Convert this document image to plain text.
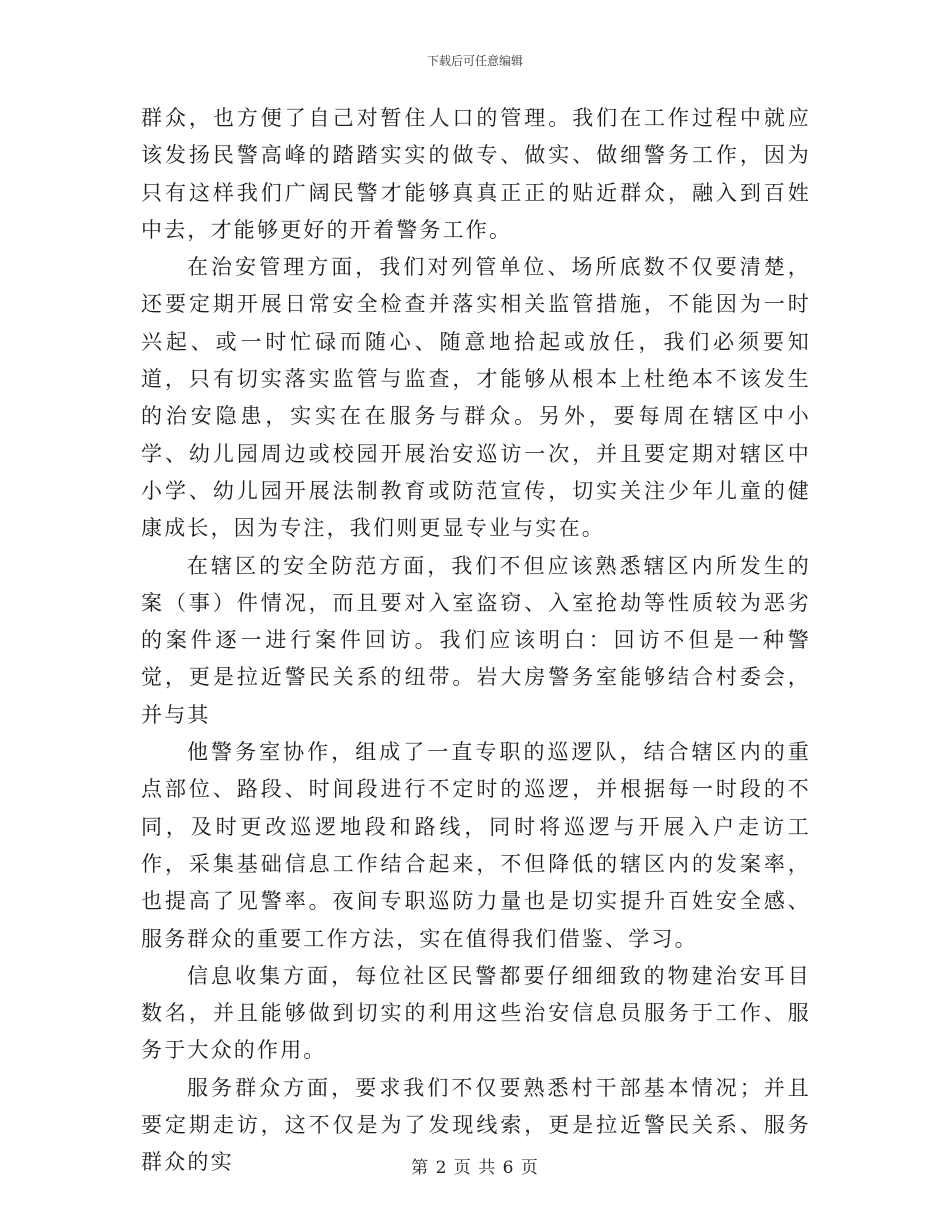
下载后可任意编辑

群众，也方便了自己对暂住人口的管理。我们在工作过程中就应该发扬民警高峰的踏踏实实的做专、做实、做细警务工作，因为只有这样我们广阔民警才能够真真正正的贴近群众，融入到百姓中去，才能够更好的开着警务工作。

在治安管理方面，我们对列管单位、场所底数不仅要清楚，还要定期开展日常安全检查并落实相关监管措施，不能因为一时兴起、或一时忙碌而随心、随意地拾起或放任，我们必须要知道，只有切实落实监管与监查，才能够从根本上杜绝本不该发生的治安隐患，实实在在服务与群众。另外，要每周在辖区中小学、幼儿园周边或校园开展治安巡访一次，并且要定期对辖区中小学、幼儿园开展法制教育或防范宣传，切实关注少年儿童的健康成长，因为专注，我们则更显专业与实在。

在辖区的安全防范方面，我们不但应该熟悉辖区内所发生的案（事）件情况，而且要对入室盗窃、入室抢劫等性质较为恶劣的案件逐一进行案件回访。我们应该明白：回访不但是一种警觉，更是拉近警民关系的纽带。岩大房警务室能够结合村委会，并与其

他警务室协作，组成了一直专职的巡逻队，结合辖区内的重点部位、路段、时间段进行不定时的巡逻，并根据每一时段的不同，及时更改巡逻地段和路线，同时将巡逻与开展入户走访工作，采集基础信息工作结合起来，不但降低的辖区内的发案率，也提高了见警率。夜间专职巡防力量也是切实提升百姓安全感、服务群众的重要工作方法，实在值得我们借鉴、学习。

信息收集方面，每位社区民警都要仔细细致的物建治安耳目数名，并且能够做到切实的利用这些治安信息员服务于工作、服务于大众的作用。

服务群众方面，要求我们不仅要熟悉村干部基本情况；并且要定期走访，这不仅是为了发现线索，更是拉近警民关系、服务群众的实	第 2 页 共 6 页
